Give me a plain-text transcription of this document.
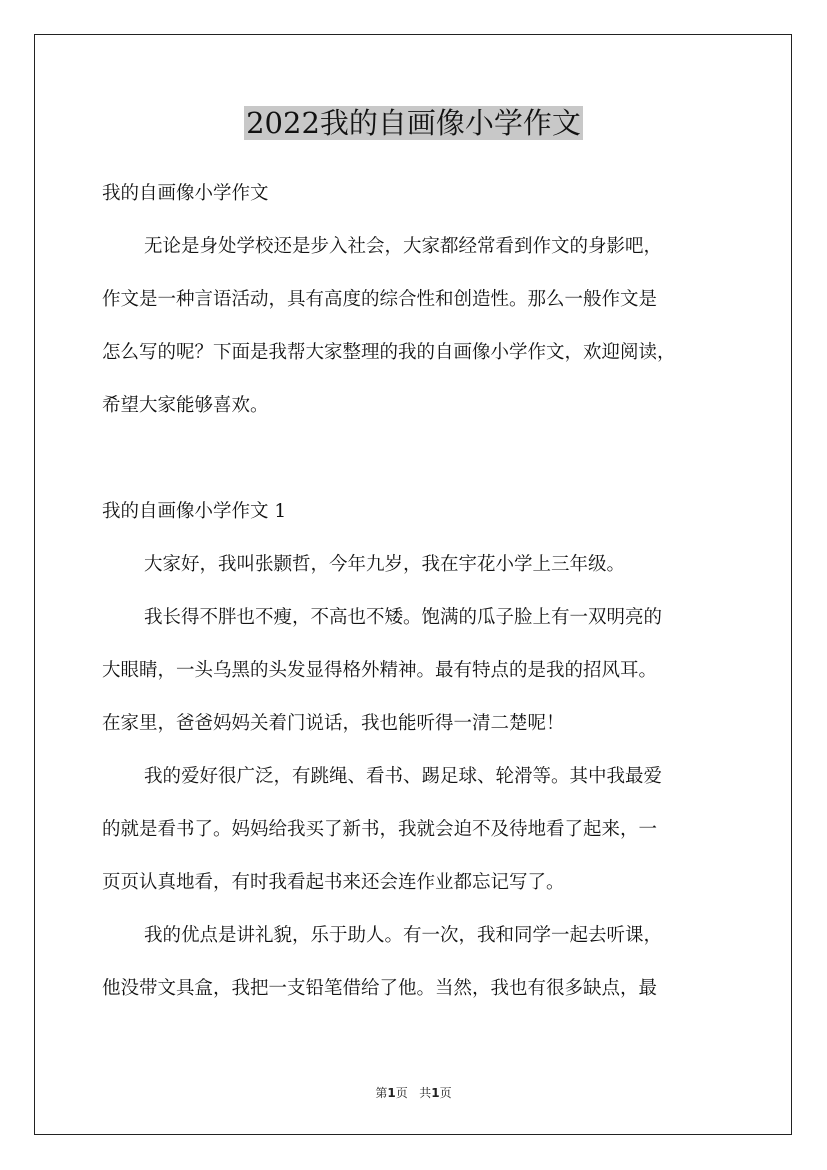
2022我的自画像小学作文
我的自画像小学作文
无论是身处学校还是步入社会，大家都经常看到作文的身影吧，
作文是一种言语活动，具有高度的综合性和创造性。那么一般作文是
怎么写的呢？下面是我帮大家整理的我的自画像小学作文，欢迎阅读，
希望大家能够喜欢。
我的自画像小学作文 1
大家好，我叫张颢哲，今年九岁，我在宇花小学上三年级。
我长得不胖也不瘦，不高也不矮。饱满的瓜子脸上有一双明亮的
大眼睛，一头乌黑的头发显得格外精神。最有特点的是我的招风耳。
在家里，爸爸妈妈关着门说话，我也能听得一清二楚呢！
我的爱好很广泛，有跳绳、看书、踢足球、轮滑等。其中我最爱
的就是看书了。妈妈给我买了新书，我就会迫不及待地看了起来，一
页页认真地看，有时我看起书来还会连作业都忘记写了。
我的优点是讲礼貌，乐于助人。有一次，我和同学一起去听课，
他没带文具盒，我把一支铅笔借给了他。当然，我也有很多缺点，最

第1页 共1页
